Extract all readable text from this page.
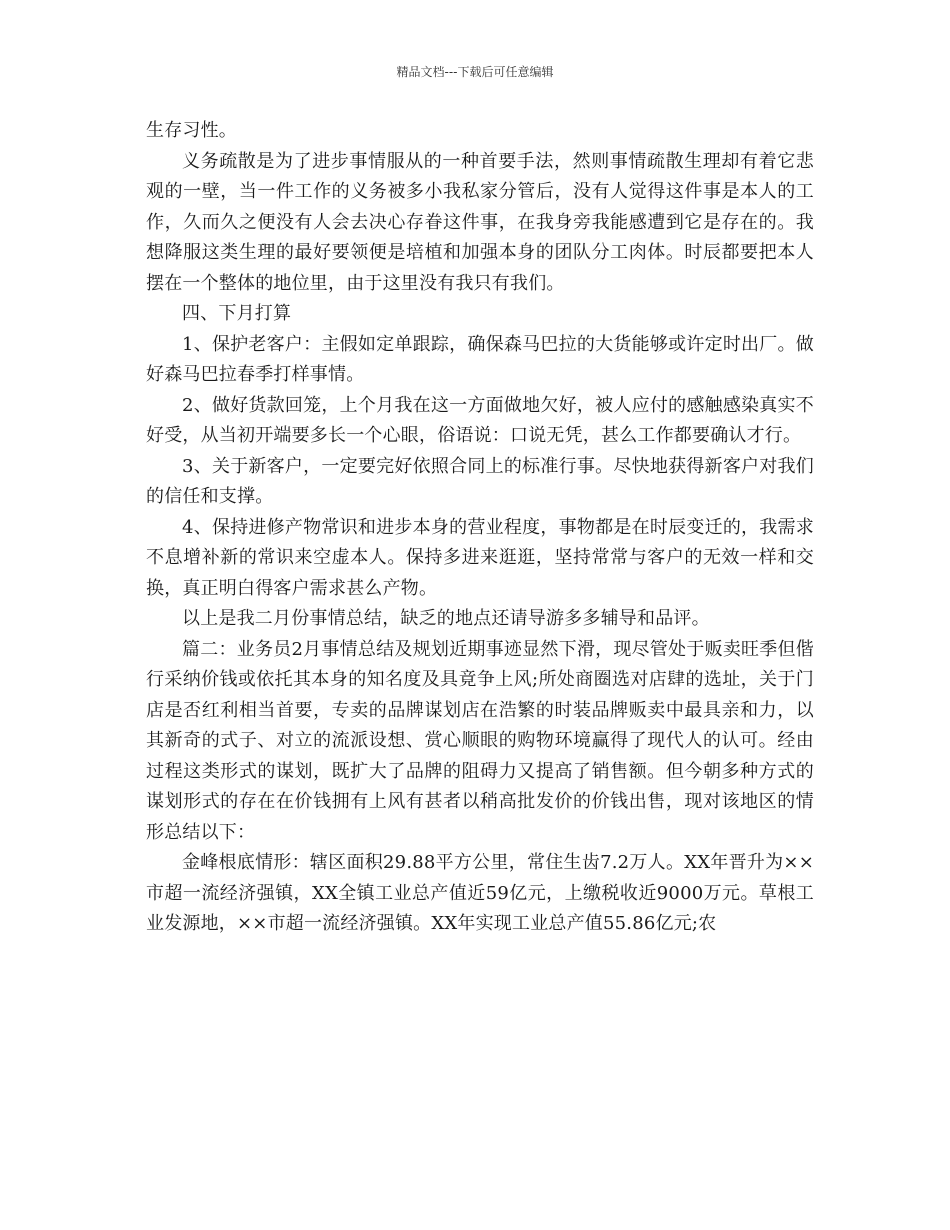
精品文档---下载后可任意编辑

生存习性。

义务疏散是为了进步事情服从的一种首要手法，然则事情疏散生理却有着它悲观的一壁，当一件工作的义务被多小我私家分管后，没有人觉得这件事是本人的工作，久而久之便没有人会去决心存眷这件事，在我身旁我能感遭到它是存在的。我想降服这类生理的最好要领便是培植和加强本身的团队分工肉体。时辰都要把本人摆在一个整体的地位里，由于这里没有我只有我们。

四、下月打算

1、保护老客户：主假如定单跟踪，确保森马巴拉的大货能够或许定时出厂。做好森马巴拉春季打样事情。

2、做好货款回笼，上个月我在这一方面做地欠好，被人应付的感触感染真实不好受，从当初开端要多长一个心眼，俗语说：口说无凭，甚么工作都要确认才行。

3、关于新客户，一定要完好依照合同上的标准行事。尽快地获得新客户对我们的信任和支撑。

4、保持进修产物常识和进步本身的营业程度，事物都是在时辰变迁的，我需求不息增补新的常识来空虚本人。保持多进来逛逛，坚持常常与客户的无效一样和交换，真正明白得客户需求甚么产物。

以上是我二月份事情总结，缺乏的地点还请导游多多辅导和品评。

篇二：业务员2月事情总结及规划近期事迹显然下滑，现尽管处于贩卖旺季但偕行采纳价钱或依托其本身的知名度及具竟争上风;所处商圈选对店肆的选址，关于门店是否红利相当首要，专卖的品牌谋划店在浩繁的时装品牌贩卖中最具亲和力，以其新奇的式子、对立的流派设想、赏心顺眼的购物环境赢得了现代人的认可。经由过程这类形式的谋划，既扩大了品牌的阻碍力又提高了销售额。但今朝多种方式的谋划形式的存在在价钱拥有上风有甚者以稍高批发价的价钱出售，现对该地区的情形总结以下：

金峰根底情形：辖区面积29.88平方公里，常住生齿7.2万人。XX年晋升为××市超一流经济强镇，XX全镇工业总产值近59亿元，上缴税收近9000万元。草根工业发源地，××市超一流经济强镇。XX年实现工业总产值55.86亿元;农
